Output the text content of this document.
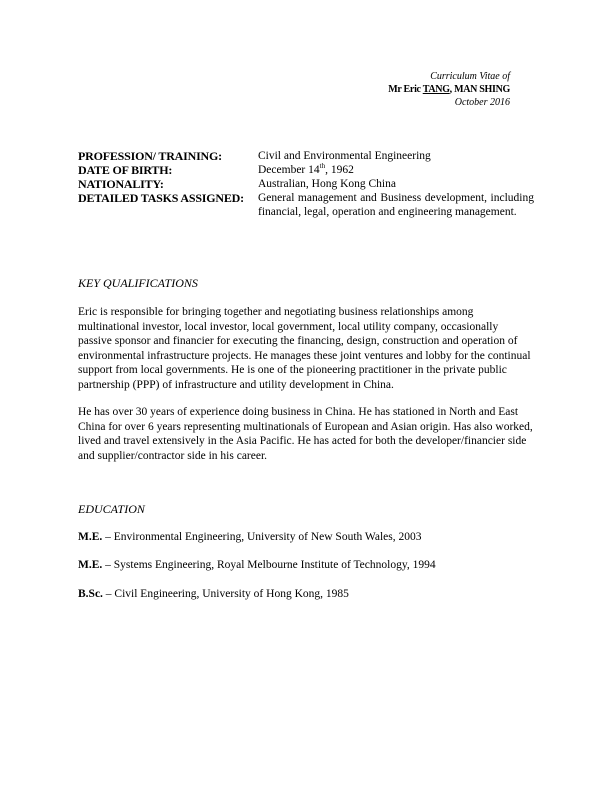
Curriculum Vitae of
Mr Eric TANG, MAN SHING
October 2016
PROFESSION/ TRAINING:	Civil and Environmental Engineering
DATE OF BIRTH:	December 14th, 1962
NATIONALITY:	Australian, Hong Kong China
DETAILED TASKS ASSIGNED:	General management and Business development, including financial, legal, operation and engineering management.
KEY QUALIFICATIONS
Eric is responsible for bringing together and negotiating business relationships among multinational investor, local investor, local government, local utility company, occasionally passive sponsor and financier for executing the financing, design, construction and operation of environmental infrastructure projects. He manages these joint ventures and lobby for the continual support from local governments. He is one of the pioneering practitioner in the private public partnership (PPP) of infrastructure and utility development in China.
He has over 30 years of experience doing business in China. He has stationed in North and East China for over 6 years representing multinationals of European and Asian origin. Has also worked, lived and travel extensively in the Asia Pacific. He has acted for both the developer/financier side and supplier/contractor side in his career.
EDUCATION
M.E. – Environmental Engineering, University of New South Wales, 2003
M.E. – Systems Engineering, Royal Melbourne Institute of Technology, 1994
B.Sc. – Civil Engineering, University of Hong Kong, 1985
